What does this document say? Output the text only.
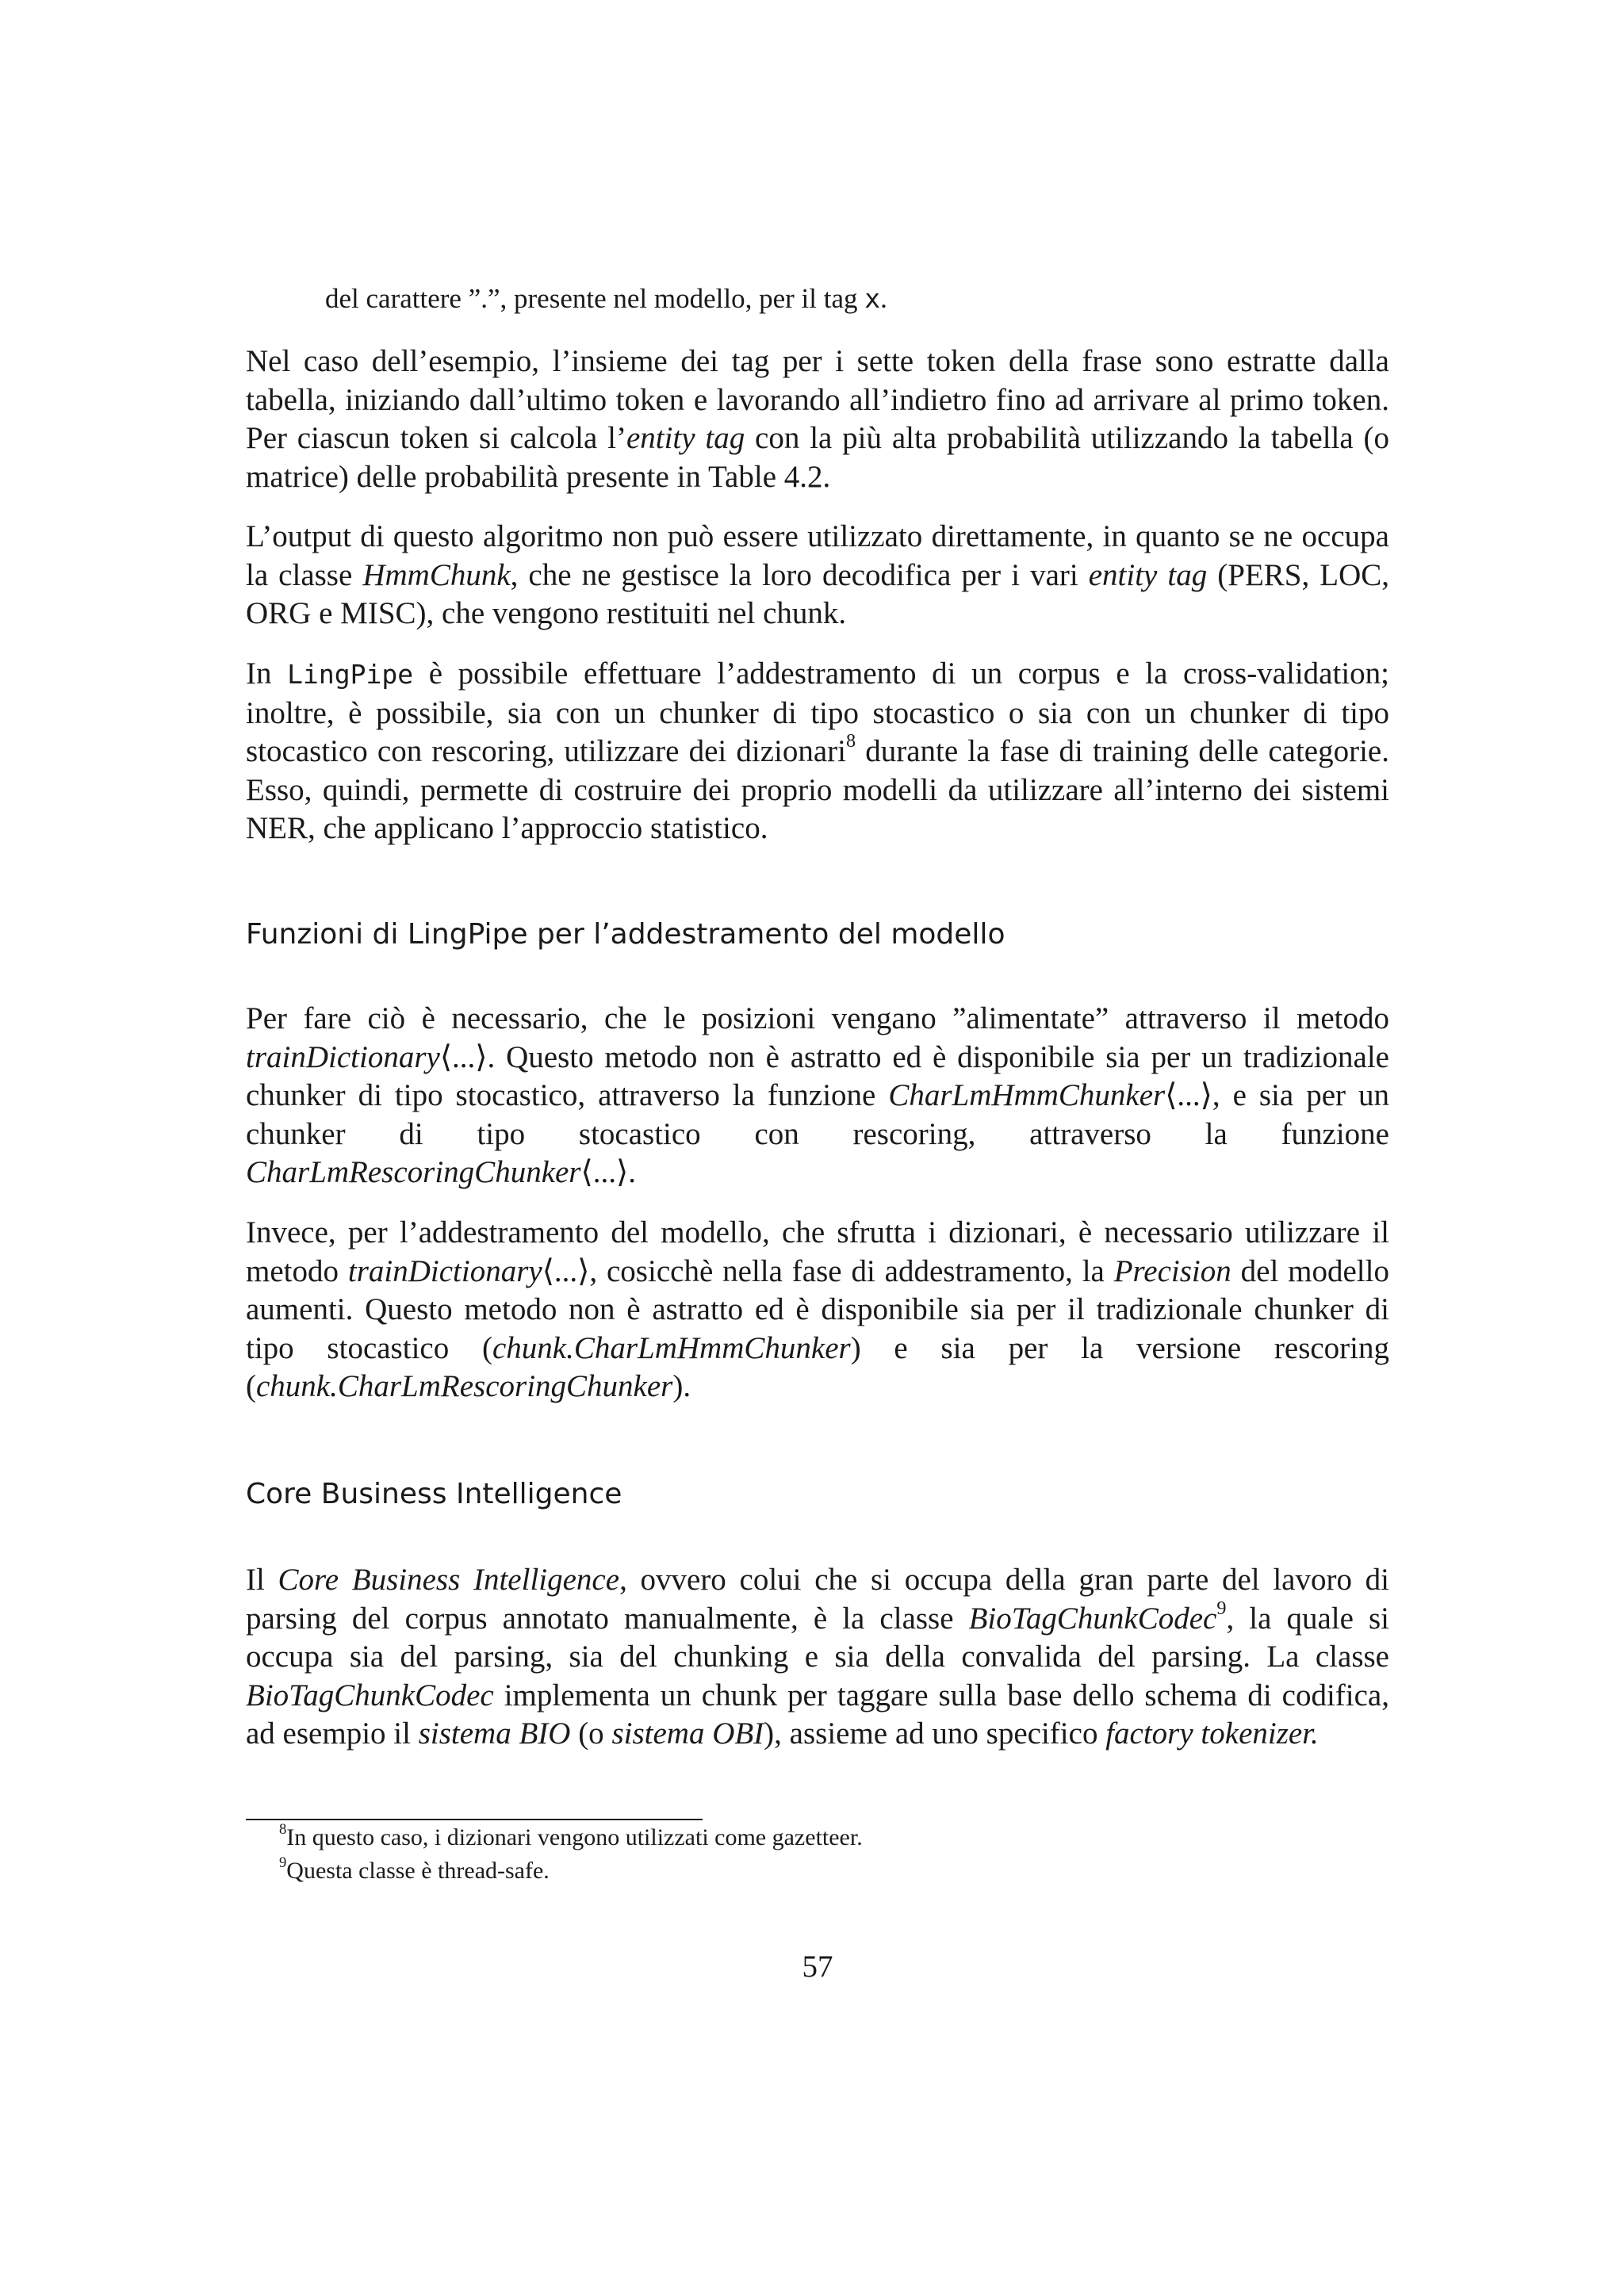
del carattere ”.”, presente nel modello, per il tag x.

Nel caso dell’esempio, l’insieme dei tag per i sette token della frase sono estratte dalla tabella, iniziando dall’ultimo token e lavorando all’indietro fino ad arrivare al primo token. Per ciascun token si calcola l’entity tag con la più alta probabilità utilizzando la tabella (o matrice) delle probabilità presente in Table 4.2.

L’output di questo algoritmo non può essere utilizzato direttamente, in quanto se ne occupa la classe HmmChunk, che ne gestisce la loro decodifica per i vari entity tag (PERS, LOC, ORG e MISC), che vengono restituiti nel chunk.

In LingPipe è possibile effettuare l’addestramento di un corpus e la cross-validation; inoltre, è possibile, sia con un chunker di tipo stocastico o sia con un chunker di tipo stocastico con rescoring, utilizzare dei dizionari$^8$ durante la fase di training delle categorie. Esso, quindi, permette di costruire dei proprio modelli da utilizzare all’interno dei sistemi NER, che applicano l’approccio statistico.

Funzioni di LingPipe per l’addestramento del modello

Per fare ciò è necessario, che le posizioni vengano ”alimentate” attraverso il metodo trainDictionary⟨...⟩. Questo metodo non è astratto ed è disponibile sia per un tradizionale chunker di tipo stocastico, attraverso la funzione CharLmHmmChunker⟨...⟩, e sia per un chunker di tipo stocastico con rescoring, attraverso la funzione CharLmRescoringChunker⟨...⟩.

Invece, per l’addestramento del modello, che sfrutta i dizionari, è necessario utilizzare il metodo trainDictionary⟨...⟩, cosicchè nella fase di addestramento, la Precision del modello aumenti. Questo metodo non è astratto ed è disponibile sia per il tradizionale chunker di tipo stocastico (chunk.CharLmHmmChunker) e sia per la versione rescoring (chunk.CharLmRescoringChunker).

Core Business Intelligence

Il Core Business Intelligence, ovvero colui che si occupa della gran parte del lavoro di parsing del corpus annotato manualmente, è la classe BioTagChunkCodec$^9$, la quale si occupa sia del parsing, sia del chunking e sia della convalida del parsing. La classe BioTagChunkCodec implementa un chunk per taggare sulla base dello schema di codifica, ad esempio il sistema BIO (o sistema OBI), assieme ad uno specifico factory tokenizer.

$^8$In questo caso, i dizionari vengono utilizzati come gazetteer.

$^9$Questa classe è thread-safe.

57
